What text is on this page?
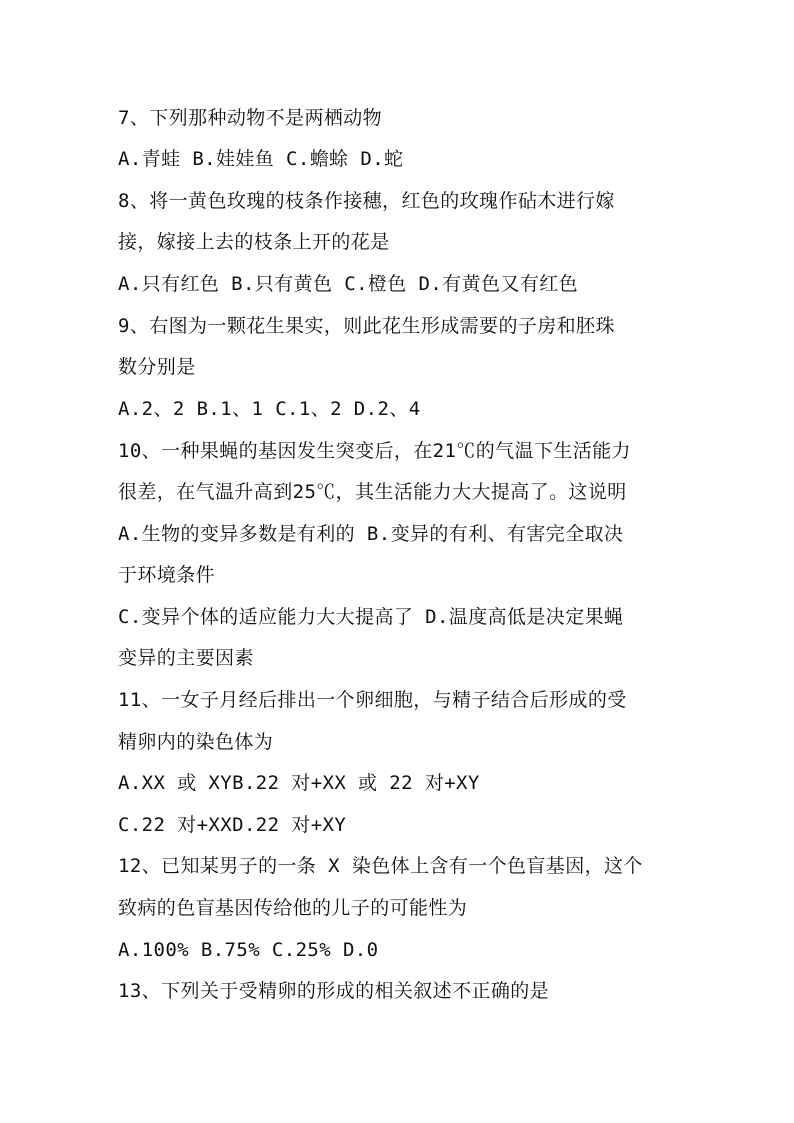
7、下列那种动物不是两栖动物
A.青蛙 B.娃娃鱼 C.蟾蜍 D.蛇
8、将一黄色玫瑰的枝条作接穗，红色的玫瑰作砧木进行嫁
接，嫁接上去的枝条上开的花是
A.只有红色 B.只有黄色 C.橙色 D.有黄色又有红色
9、右图为一颗花生果实，则此花生形成需要的子房和胚珠
数分别是
A.2、2 B.1、1 C.1、2 D.2、4
10、一种果蝇的基因发生突变后，在21℃的气温下生活能力
很差，在气温升高到25℃，其生活能力大大提高了。这说明
A.生物的变异多数是有利的 B.变异的有利、有害完全取决
于环境条件
C.变异个体的适应能力大大提高了 D.温度高低是决定果蝇
变异的主要因素
11、一女子月经后排出一个卵细胞，与精子结合后形成的受
精卵内的染色体为
A.XX 或 XYB.22 对+XX 或 22 对+XY
C.22 对+XXD.22 对+XY
12、已知某男子的一条 X 染色体上含有一个色盲基因，这个
致病的色盲基因传给他的儿子的可能性为
A.100% B.75% C.25% D.0
13、下列关于受精卵的形成的相关叙述不正确的是
